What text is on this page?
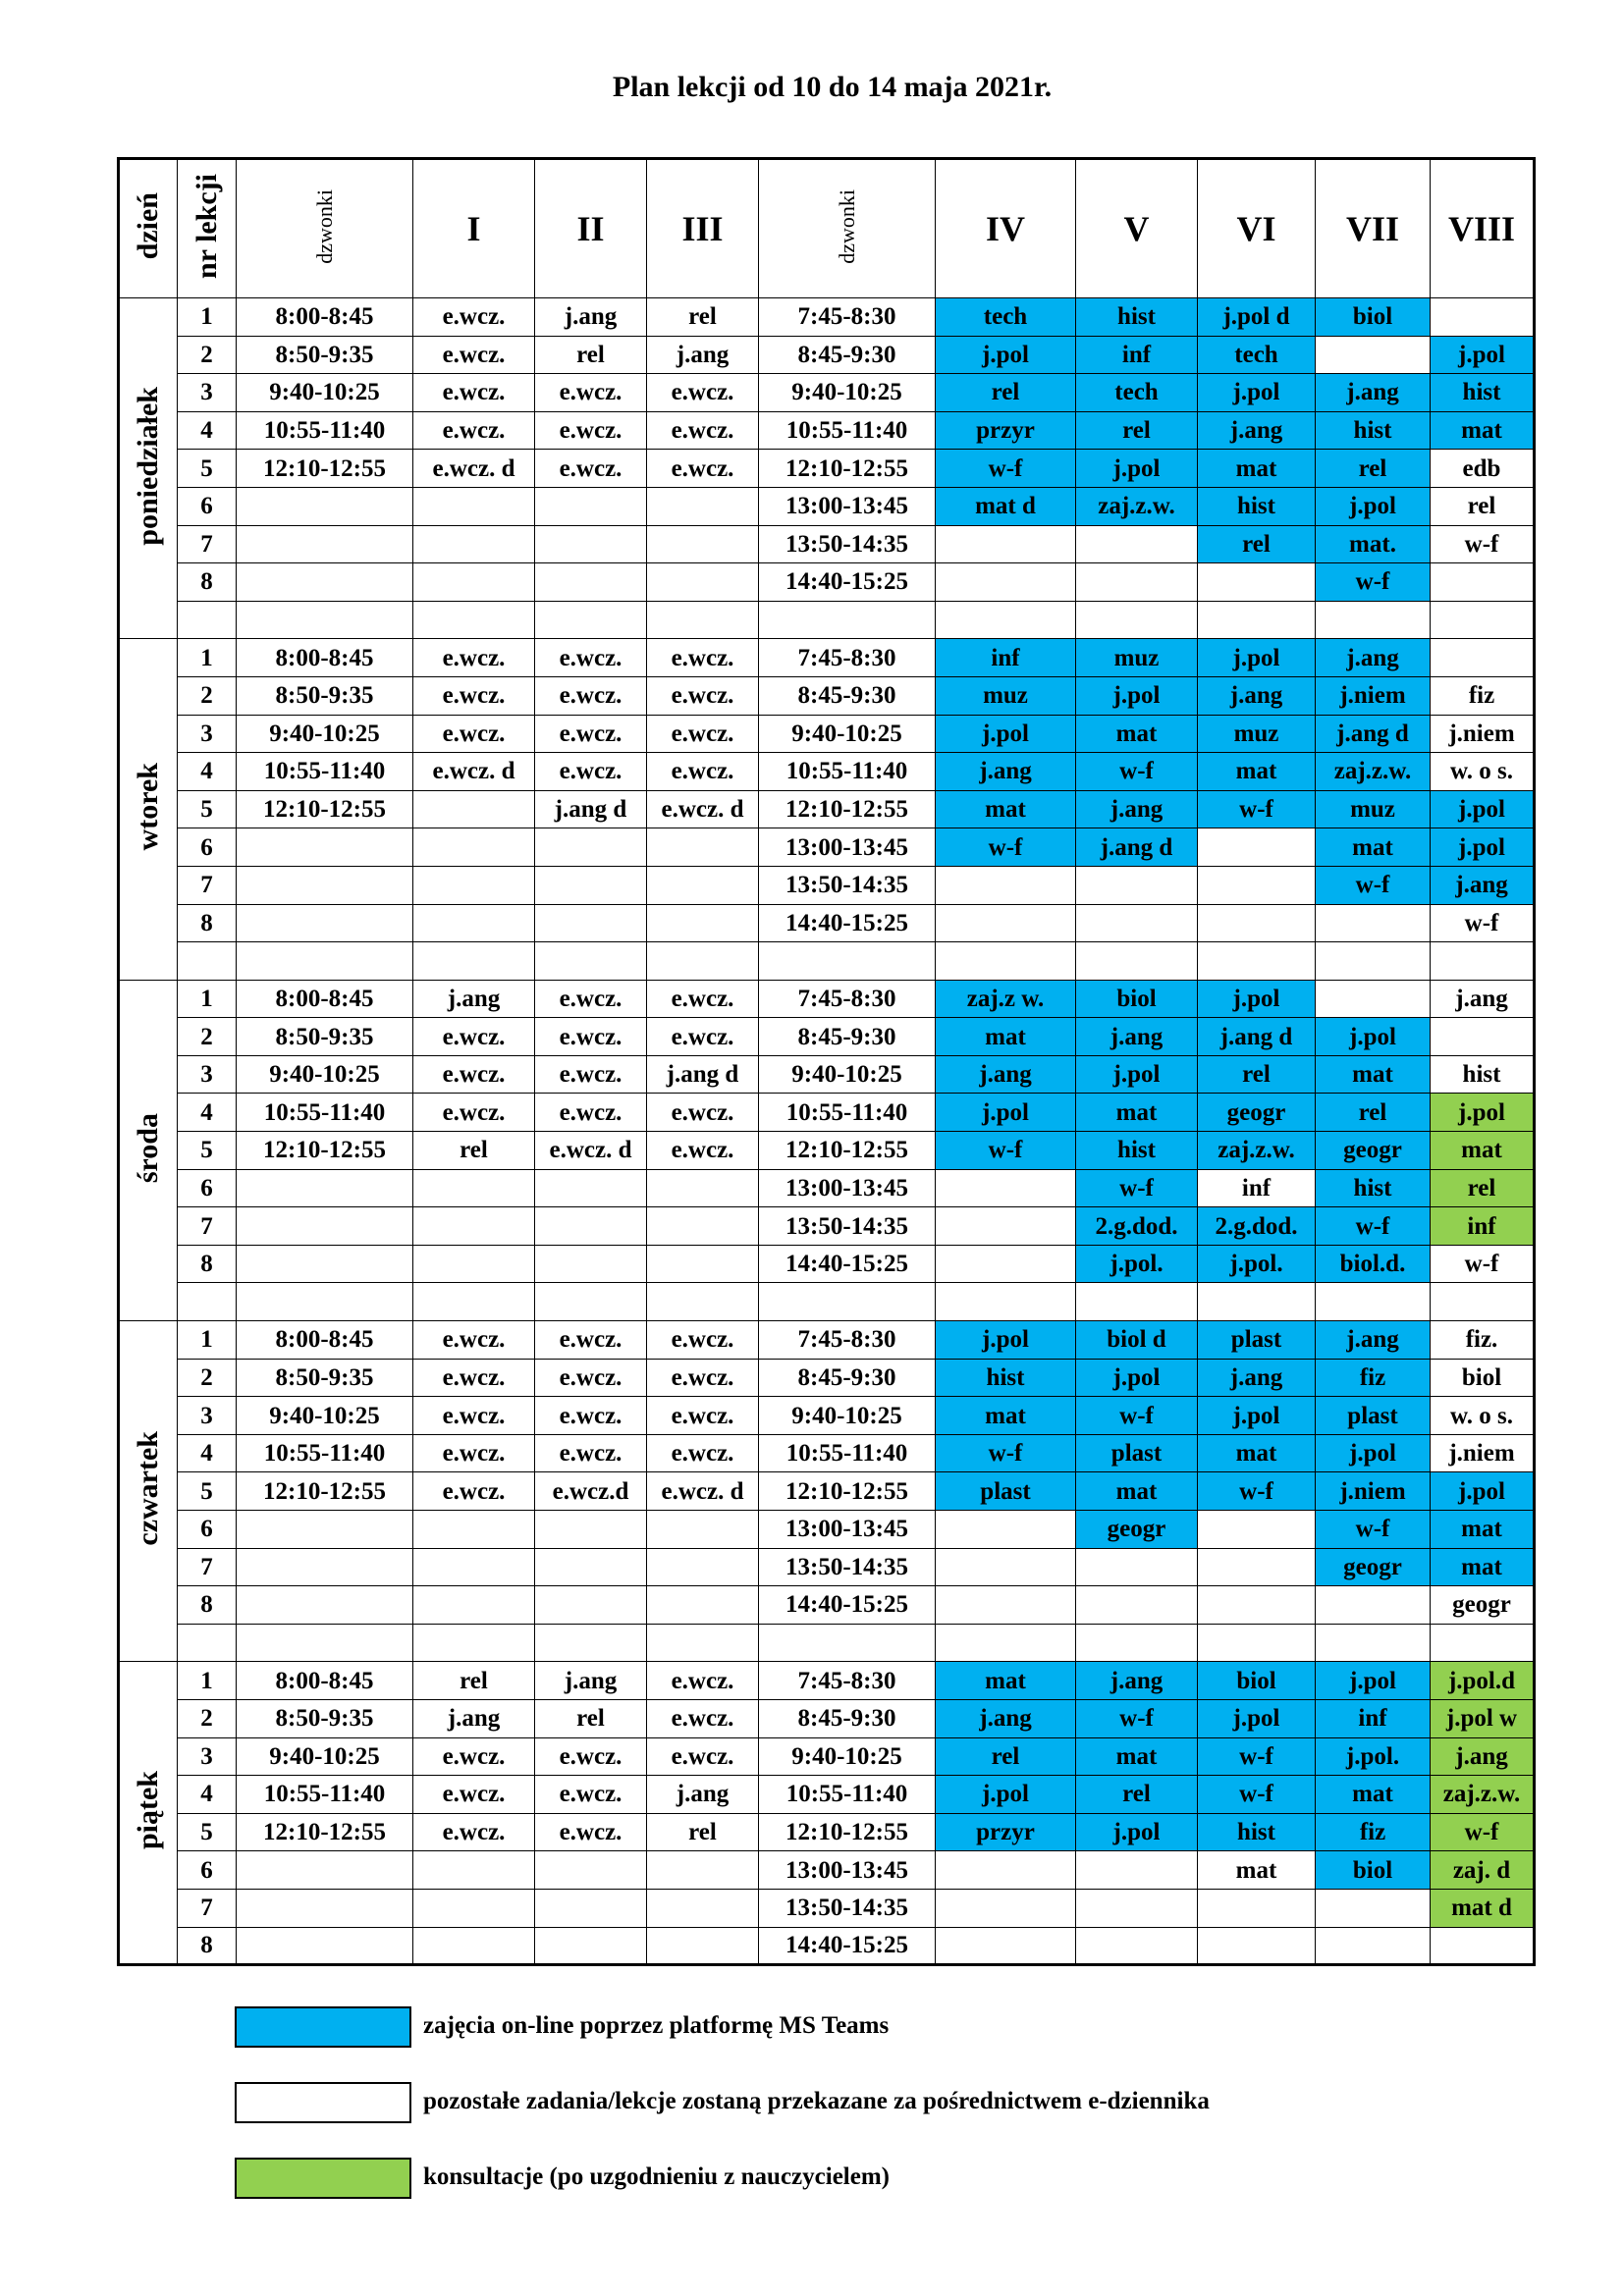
Plan lekcji od 10 do 14 maja 2021r.
dzień	nr lekcji	dzwonki	I	II	III	dzwonki	IV	V	VI	VII	VIII
poniedziałek	1	8:00-8:45	e.wcz.	j.ang	rel	7:45-8:30	tech	hist	j.pol d	biol	
	2	8:50-9:35	e.wcz.	rel	j.ang	8:45-9:30	j.pol	inf	tech		j.pol
	3	9:40-10:25	e.wcz.	e.wcz.	e.wcz.	9:40-10:25	rel	tech	j.pol	j.ang	hist
	4	10:55-11:40	e.wcz.	e.wcz.	e.wcz.	10:55-11:40	przyr	rel	j.ang	hist	mat
	5	12:10-12:55	e.wcz. d	e.wcz.	e.wcz.	12:10-12:55	w-f	j.pol	mat	rel	edb
	6					13:00-13:45	mat d	zaj.z.w.	hist	j.pol	rel
	7					13:50-14:35			rel	mat.	w-f
	8					14:40-15:25				w-f	

wtorek	1	8:00-8:45	e.wcz.	e.wcz.	e.wcz.	7:45-8:30	inf	muz	j.pol	j.ang	
	2	8:50-9:35	e.wcz.	e.wcz.	e.wcz.	8:45-9:30	muz	j.pol	j.ang	j.niem	fiz
	3	9:40-10:25	e.wcz.	e.wcz.	e.wcz.	9:40-10:25	j.pol	mat	muz	j.ang d	j.niem
	4	10:55-11:40	e.wcz. d	e.wcz.	e.wcz.	10:55-11:40	j.ang	w-f	mat	zaj.z.w.	w. o s.
	5	12:10-12:55		j.ang d	e.wcz. d	12:10-12:55	mat	j.ang	w-f	muz	j.pol
	6					13:00-13:45	w-f	j.ang d		mat	j.pol
	7					13:50-14:35				w-f	j.ang
	8					14:40-15:25					w-f

środa	1	8:00-8:45	j.ang	e.wcz.	e.wcz.	7:45-8:30	zaj.z w.	biol	j.pol		j.ang
	2	8:50-9:35	e.wcz.	e.wcz.	e.wcz.	8:45-9:30	mat	j.ang	j.ang d	j.pol	
	3	9:40-10:25	e.wcz.	e.wcz.	j.ang d	9:40-10:25	j.ang	j.pol	rel	mat	hist
	4	10:55-11:40	e.wcz.	e.wcz.	e.wcz.	10:55-11:40	j.pol	mat	geogr	rel	j.pol
	5	12:10-12:55	rel	e.wcz. d	e.wcz.	12:10-12:55	w-f	hist	zaj.z.w.	geogr	mat
	6					13:00-13:45		w-f	inf	hist	rel
	7					13:50-14:35		2.g.dod.	2.g.dod.	w-f	inf
	8					14:40-15:25		j.pol.	j.pol.	biol.d.	w-f

czwartek	1	8:00-8:45	e.wcz.	e.wcz.	e.wcz.	7:45-8:30	j.pol	biol d	plast	j.ang	fiz.
	2	8:50-9:35	e.wcz.	e.wcz.	e.wcz.	8:45-9:30	hist	j.pol	j.ang	fiz	biol
	3	9:40-10:25	e.wcz.	e.wcz.	e.wcz.	9:40-10:25	mat	w-f	j.pol	plast	w. o s.
	4	10:55-11:40	e.wcz.	e.wcz.	e.wcz.	10:55-11:40	w-f	plast	mat	j.pol	j.niem
	5	12:10-12:55	e.wcz.	e.wcz.d	e.wcz. d	12:10-12:55	plast	mat	w-f	j.niem	j.pol
	6					13:00-13:45		geogr		w-f	mat
	7					13:50-14:35				geogr	mat
	8					14:40-15:25					geogr

piątek	1	8:00-8:45	rel	j.ang	e.wcz.	7:45-8:30	mat	j.ang	biol	j.pol	j.pol.d
	2	8:50-9:35	j.ang	rel	e.wcz.	8:45-9:30	j.ang	w-f	j.pol	inf	j.pol w
	3	9:40-10:25	e.wcz.	e.wcz.	e.wcz.	9:40-10:25	rel	mat	w-f	j.pol.	j.ang
	4	10:55-11:40	e.wcz.	e.wcz.	j.ang	10:55-11:40	j.pol	rel	w-f	mat	zaj.z.w.
	5	12:10-12:55	e.wcz.	e.wcz.	rel	12:10-12:55	przyr	j.pol	hist	fiz	w-f
	6					13:00-13:45			mat	biol	zaj. d
	7					13:50-14:35					mat d
	8					14:40-15:25					
zajęcia on-line poprzez platformę MS Teams
pozostałe zadania/lekcje zostaną przekazane za pośrednictwem e-dziennika
konsultacje (po uzgodnieniu z nauczycielem)
